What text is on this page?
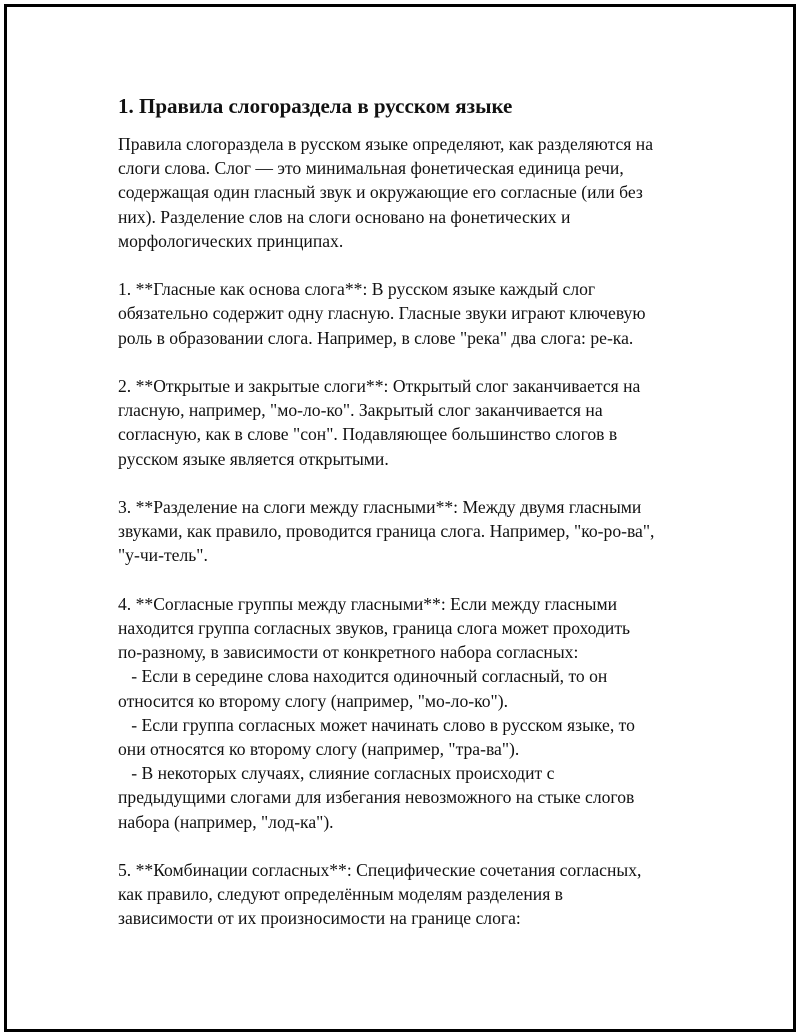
1. Правила слогораздела в русском языке
Правила слогораздела в русском языке определяют, как разделяются на
слоги слова. Слог — это минимальная фонетическая единица речи,
содержащая один гласный звук и окружающие его согласные (или без
них). Разделение слов на слоги основано на фонетических и
морфологических принципах.
1. **Гласные как основа слога**: В русском языке каждый слог
обязательно содержит одну гласную. Гласные звуки играют ключевую
роль в образовании слога. Например, в слове "река" два слога: ре-ка.
2. **Открытые и закрытые слоги**: Открытый слог заканчивается на
гласную, например, "мо-ло-ко". Закрытый слог заканчивается на
согласную, как в слове "сон". Подавляющее большинство слогов в
русском языке является открытыми.
3. **Разделение на слоги между гласными**: Между двумя гласными
звуками, как правило, проводится граница слога. Например, "ко-ро-ва",
"у-чи-тель".
4. **Согласные группы между гласными**: Если между гласными
находится группа согласных звуков, граница слога может проходить
по-разному, в зависимости от конкретного набора согласных:
- Если в середине слова находится одиночный согласный, то он
относится ко второму слогу (например, "мо-ло-ко").
- Если группа согласных может начинать слово в русском языке, то
они относятся ко второму слогу (например, "тра-ва").
- В некоторых случаях, слияние согласных происходит с
предыдущими слогами для избегания невозможного на стыке слогов
набора (например, "лод-ка").
5. **Комбинации согласных**: Специфические сочетания согласных,
как правило, следуют определённым моделям разделения в
зависимости от их произносимости на границе слога:
